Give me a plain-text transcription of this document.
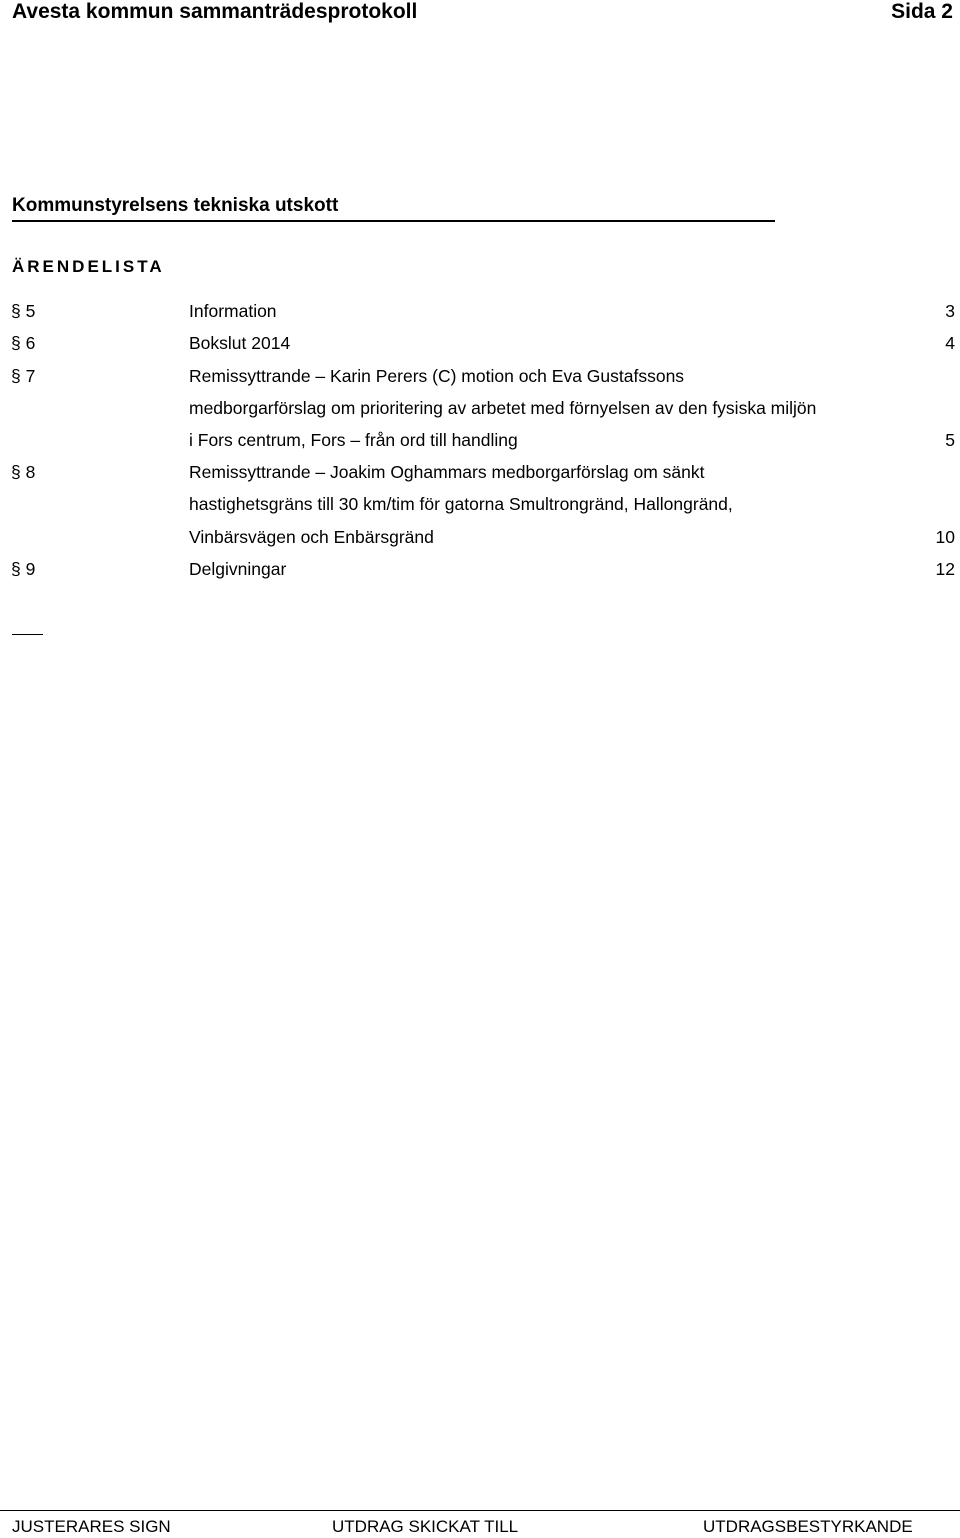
Avesta kommun sammanträdesprotokoll	Sida 2
Kommunstyrelsens tekniska utskott
ÄRENDELISTA
§ 5	Information	3
§ 6	Bokslut 2014	4
§ 7	Remissyttrande – Karin Perers (C) motion och Eva Gustafssons
medborgarförslag om prioritering av arbetet med förnyelsen av den fysiska miljön
i Fors centrum, Fors – från ord till handling	5
§ 8	Remissyttrande – Joakim Oghammars medborgarförslag om sänkt
hastighetsgräns till 30 km/tim för gatorna Smultrongränd, Hallongränd,
Vinbärsvägen och Enbärsgränd	10
§ 9	Delgivningar	12
JUSTERARES SIGN	UTDRAG SKICKAT TILL	UTDRAGSBESTYRKANDE
